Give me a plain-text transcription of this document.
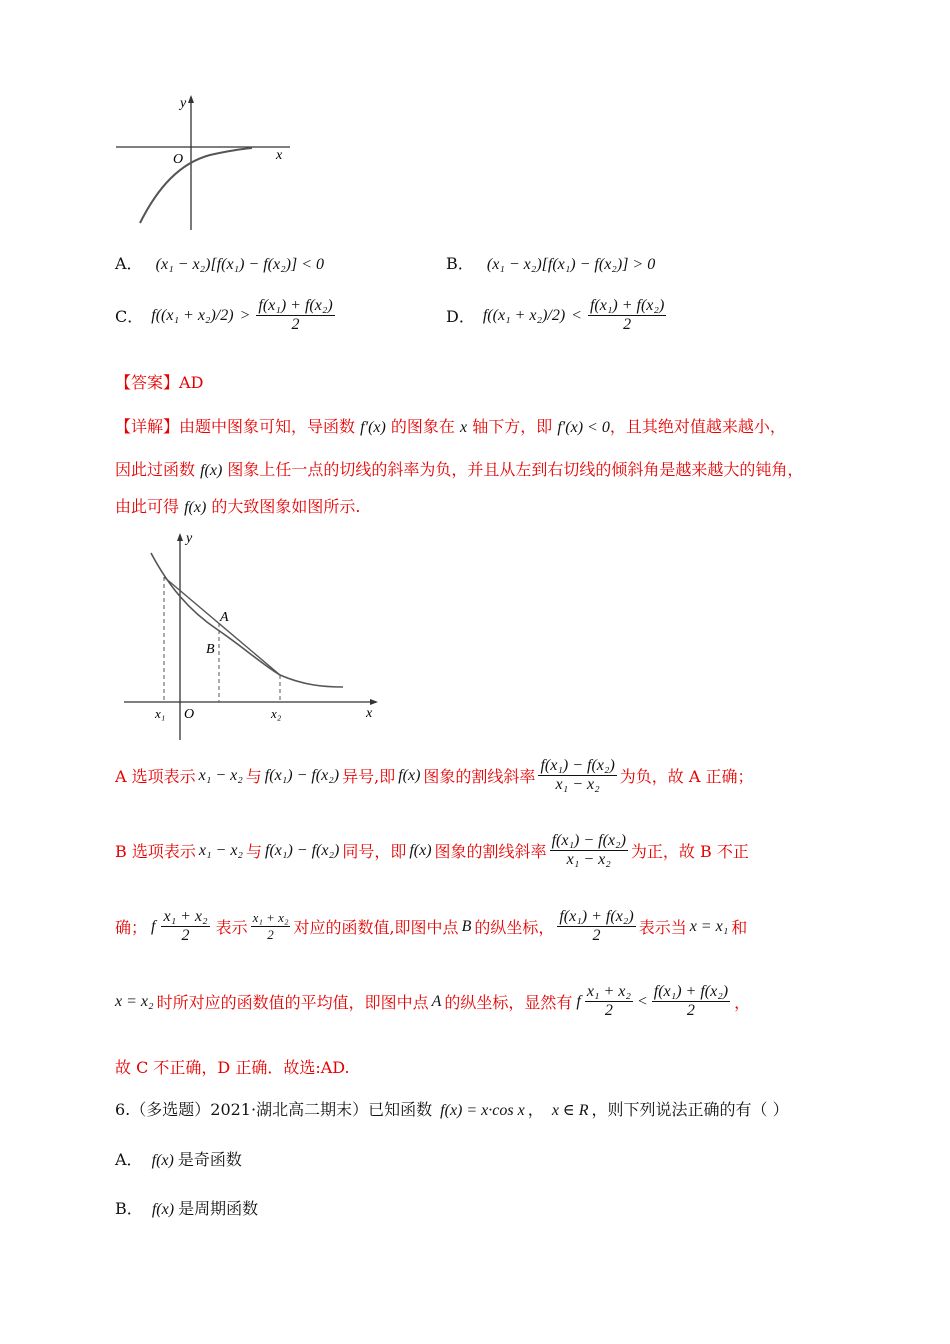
y
x
O
A． (x₁ − x₂)[f(x₁) − f(x₂)] < 0	B． (x₁ − x₂)[f(x₁) − f(x₂)] > 0
C． $f((x_1 + x_2)/2) > \frac{\text{f(x₁) + f(x₂)}}{2}$	D． $f((x_1 + x_2)/2) < \frac{\text{f(x₁) + f(x₂)}}{2}$
【答案】AD
【详解】由题中图象可知，导函数 f′(x) 的图象在 x 轴下方，即 f′(x) < 0，且其绝对值越来越小，
因此过函数 f(x) 图象上任一点的切线的斜率为负，并且从左到右切线的倾斜角是越来越大的钝角，
由此可得 f(x) 的大致图象如图所示.
y
x
O
x₁	x₂
A
B
A 选项表示 x₁ − x₂ 与 f(x₁) − f(x₂) 异号,即 f(x) 图象的割线斜率 $\frac{\text{f(x₁) − f(x₂)}}{\text{x₁ − x₂}}$ 为负，故 A 正确；
B 选项表示 x₁ − x₂ 与 f(x₁) − f(x₂) 同号，即 f(x) 图象的割线斜率 $\frac{\text{f(x₁) − f(x₂)}}{\text{x₁ − x₂}}$ 为正，故 B 不正
确； f $\frac{\text{x₁ + x₂}}{2}$ 表示 $\frac{\text{x₁ + x₂}}{2}$ 对应的函数值,即图中点 B 的纵坐标， $\frac{\text{f(x₁) + f(x₂)}}{2}$ 表示当 x = x₁ 和
x = x₂ 时所对应的函数值的平均值，即图中点 A 的纵坐标，显然有 f $\frac{\text{x₁ + x₂}}{2} < \frac{\text{f(x₁) + f(x₂)}}{2}$ ，
故 C 不正确，D 正确．故选:AD.
6.（多选题）2021·湖北高二期末）已知函数 f(x) = x·cos x ， x ∈ R ，则下列说法正确的有（ ）
A． f(x) 是奇函数
B． f(x) 是周期函数
